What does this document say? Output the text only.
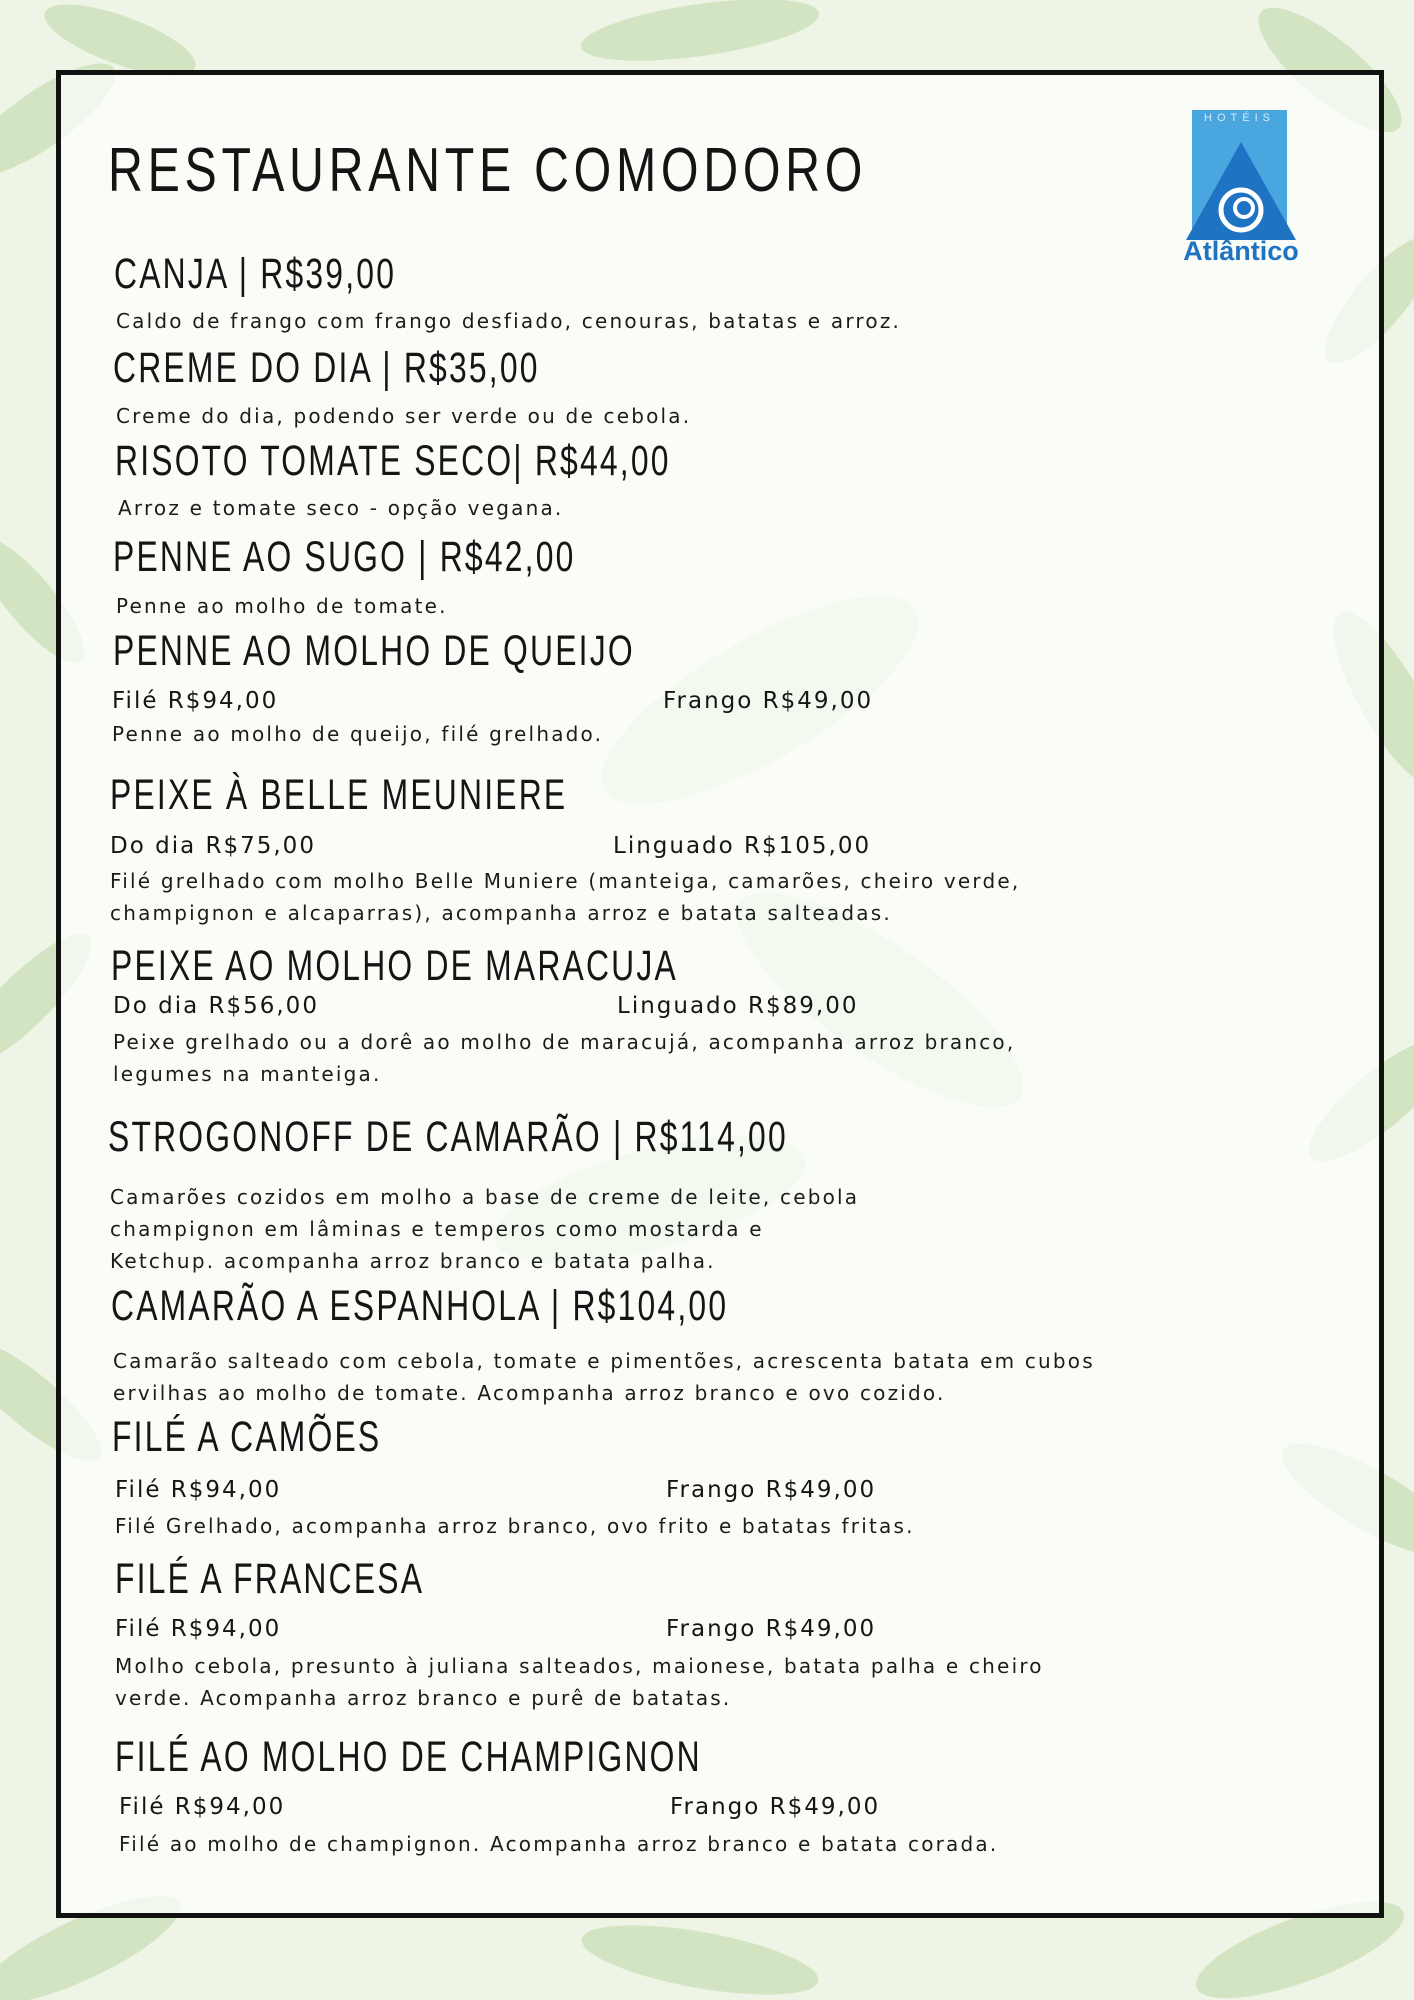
RESTAURANTE COMODORO
HOTÉIS
Atlântico
CANJA | R$39,00

Caldo de frango com frango desfiado, cenouras, batatas e arroz.

CREME DO DIA | R$35,00

Creme do dia, podendo ser verde ou de cebola.

RISOTO TOMATE SECO| R$44,00

Arroz e tomate seco - opção vegana.

PENNE AO SUGO | R$42,00

Penne ao molho de tomate.

PENNE AO MOLHO DE QUEIJO

Filé R$94,00	Frango R$49,00

Penne ao molho de queijo, filé grelhado.

PEIXE À BELLE MEUNIERE

Do dia R$75,00	Linguado R$105,00

Filé grelhado com molho Belle Muniere (manteiga, camarões, cheiro verde,

champignon e alcaparras), acompanha arroz e batata salteadas.

PEIXE AO MOLHO DE MARACUJA

Do dia R$56,00	Linguado R$89,00

Peixe grelhado ou a dorê ao molho de maracujá, acompanha arroz branco,

legumes na manteiga.

STROGONOFF DE CAMARÃO | R$114,00

Camarões cozidos em molho a base de creme de leite, cebola

champignon em lâminas e temperos como mostarda e

Ketchup. acompanha arroz branco e batata palha.

CAMARÃO A ESPANHOLA | R$104,00

Camarão salteado com cebola, tomate e pimentões, acrescenta batata em cubos

ervilhas ao molho de tomate. Acompanha arroz branco e ovo cozido.

FILÉ A CAMÕES

Filé R$94,00	Frango R$49,00

Filé Grelhado, acompanha arroz branco, ovo frito e batatas fritas.

FILÉ A FRANCESA

Filé R$94,00	Frango R$49,00

Molho cebola, presunto à juliana salteados, maionese, batata palha e cheiro

verde. Acompanha arroz branco e purê de batatas.

FILÉ AO MOLHO DE CHAMPIGNON

Filé R$94,00	Frango R$49,00

Filé ao molho de champignon. Acompanha arroz branco e batata corada.
